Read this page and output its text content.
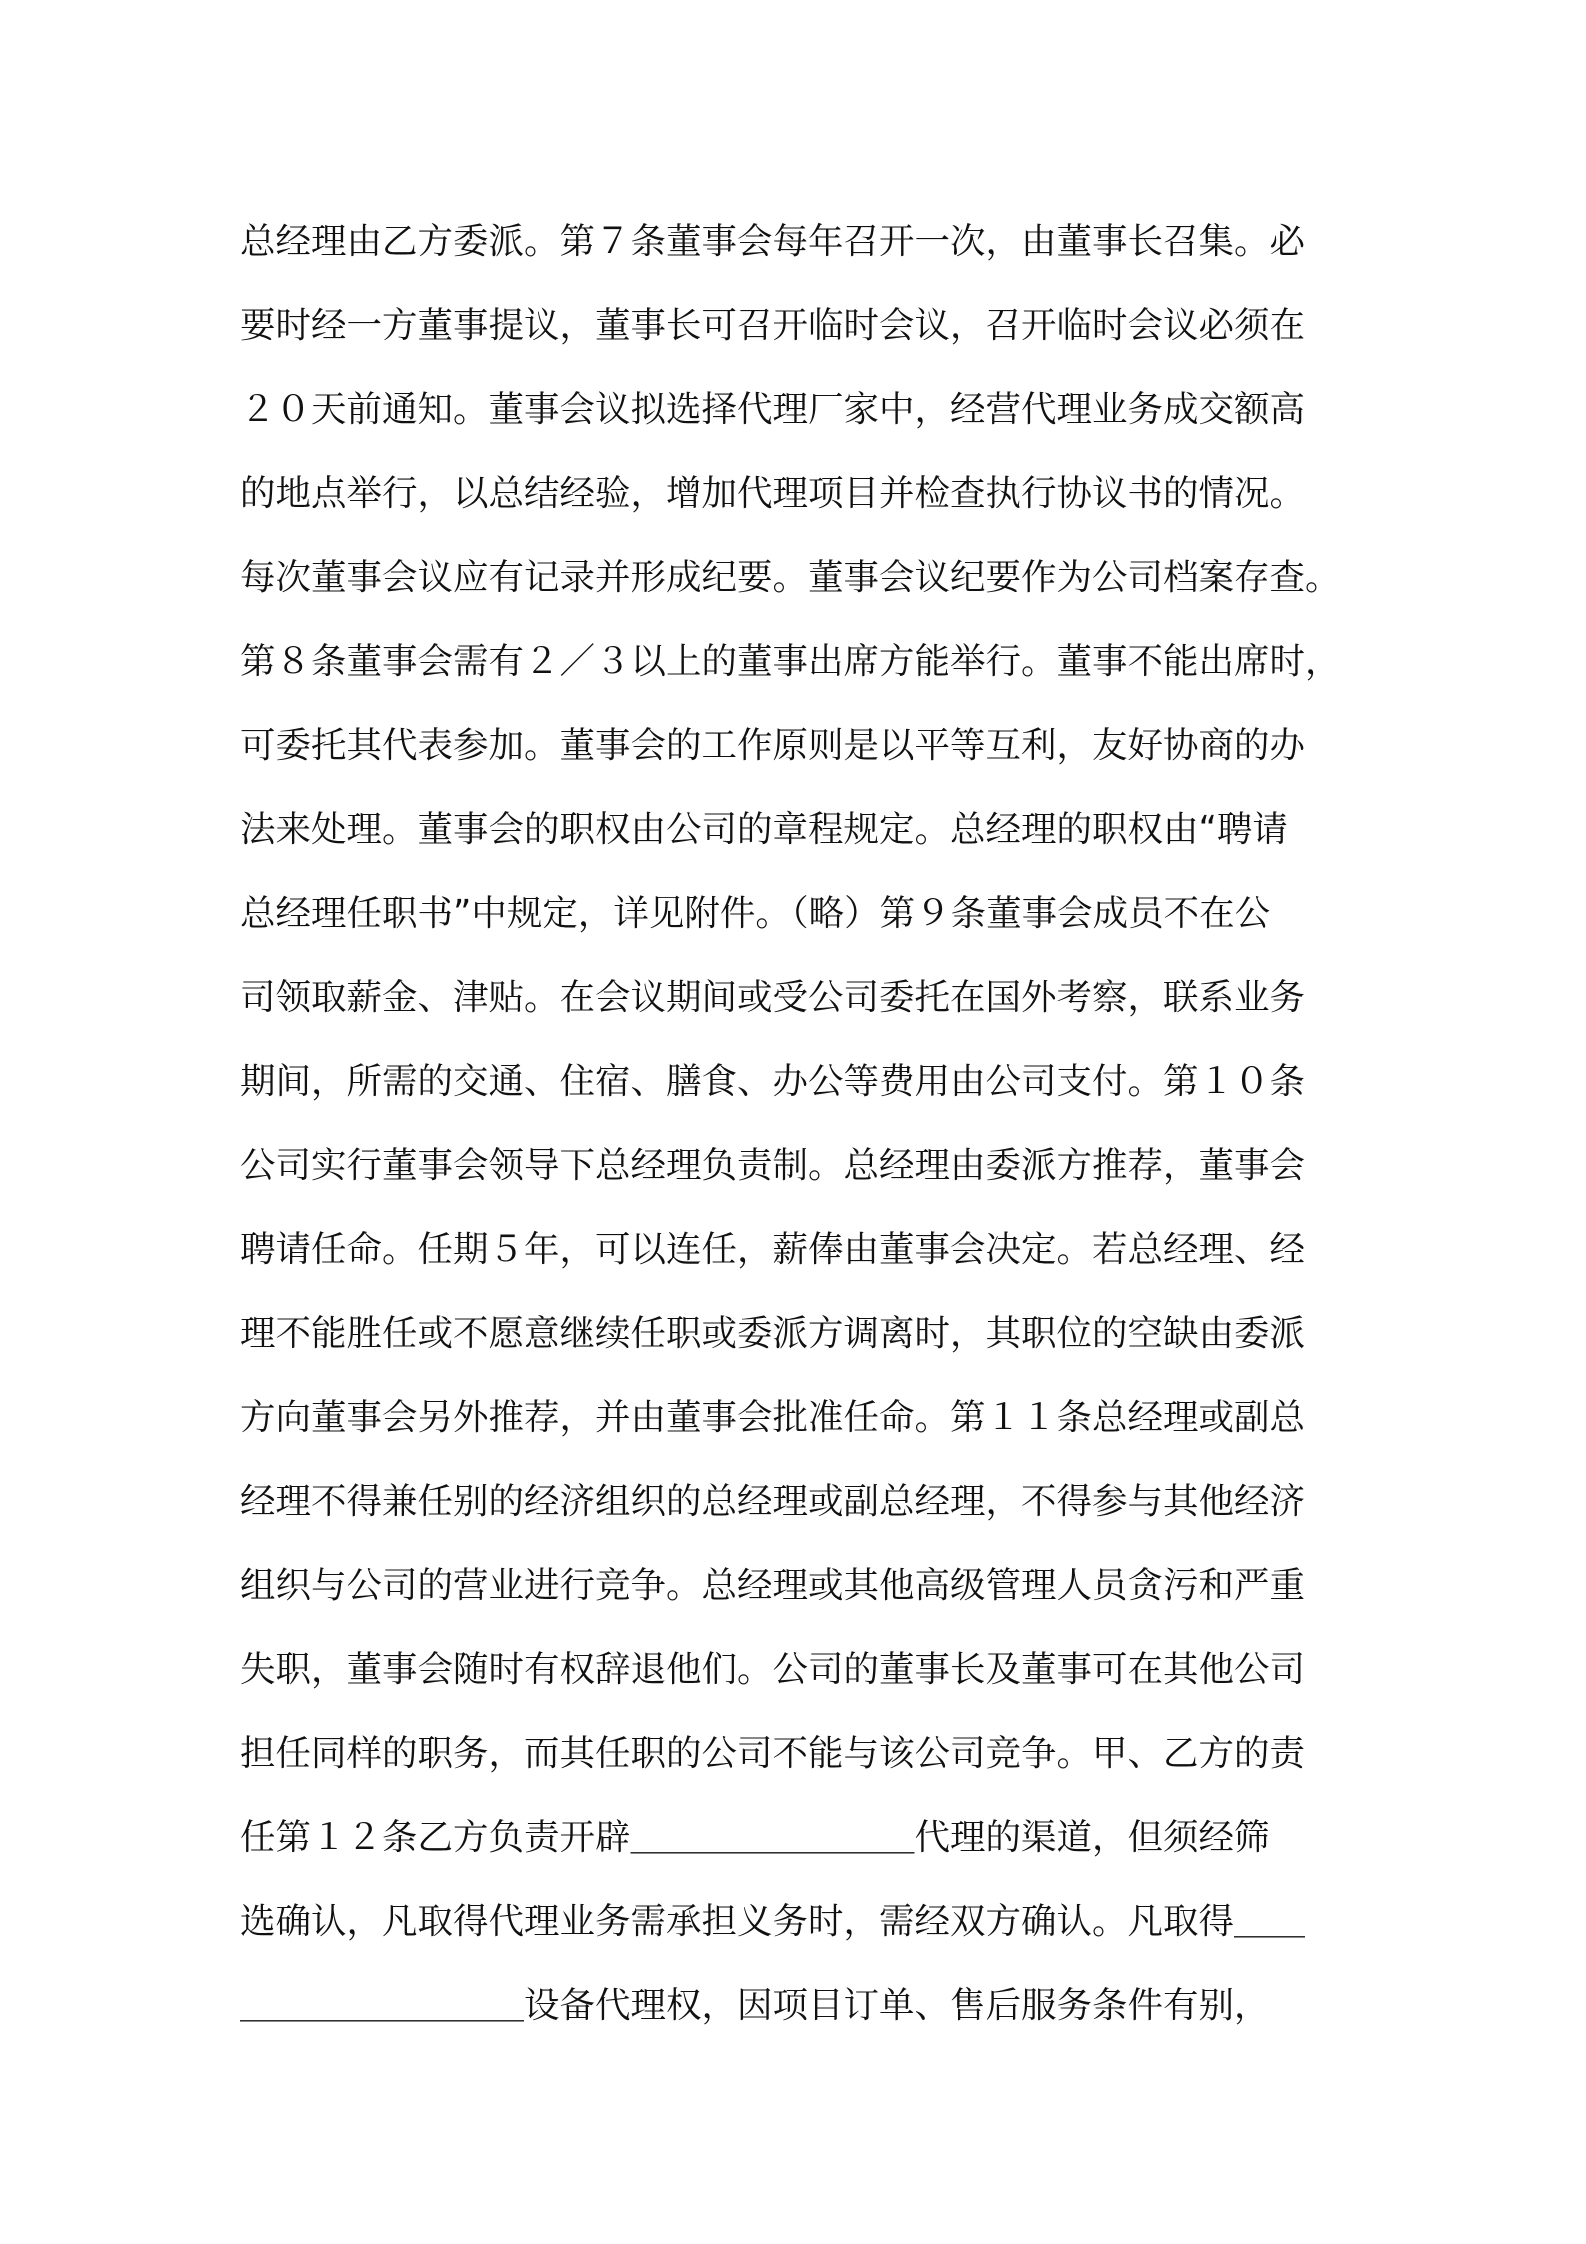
总经理由乙方委派。第７条董事会每年召开一次，由董事长召集。必
要时经一方董事提议，董事长可召开临时会议，召开临时会议必须在
２０天前通知。董事会议拟选择代理厂家中，经营代理业务成交额高
的地点举行，以总结经验，增加代理项目并检查执行协议书的情况。
每次董事会议应有记录并形成纪要。董事会议纪要作为公司档案存查。
第８条董事会需有２／３以上的董事出席方能举行。董事不能出席时，
可委托其代表参加。董事会的工作原则是以平等互利，友好协商的办
法来处理。董事会的职权由公司的章程规定。总经理的职权由“聘请
总经理任职书”中规定，详见附件。（略）第９条董事会成员不在公
司领取薪金、津贴。在会议期间或受公司委托在国外考察，联系业务
期间，所需的交通、住宿、膳食、办公等费用由公司支付。第１０条
公司实行董事会领导下总经理负责制。总经理由委派方推荐，董事会
聘请任命。任期５年，可以连任，薪俸由董事会决定。若总经理、经
理不能胜任或不愿意继续任职或委派方调离时，其职位的空缺由委派
方向董事会另外推荐，并由董事会批准任命。第１１条总经理或副总
经理不得兼任别的经济组织的总经理或副总经理，不得参与其他经济
组织与公司的营业进行竞争。总经理或其他高级管理人员贪污和严重
失职，董事会随时有权辞退他们。公司的董事长及董事可在其他公司
担任同样的职务，而其任职的公司不能与该公司竞争。甲、乙方的责
任第１２条乙方负责开辟＿＿＿＿＿＿＿＿代理的渠道，但须经筛
选确认，凡取得代理业务需承担义务时，需经双方确认。凡取得＿＿
＿＿＿＿＿＿＿＿设备代理权，因项目订单、售后服务条件有别，
